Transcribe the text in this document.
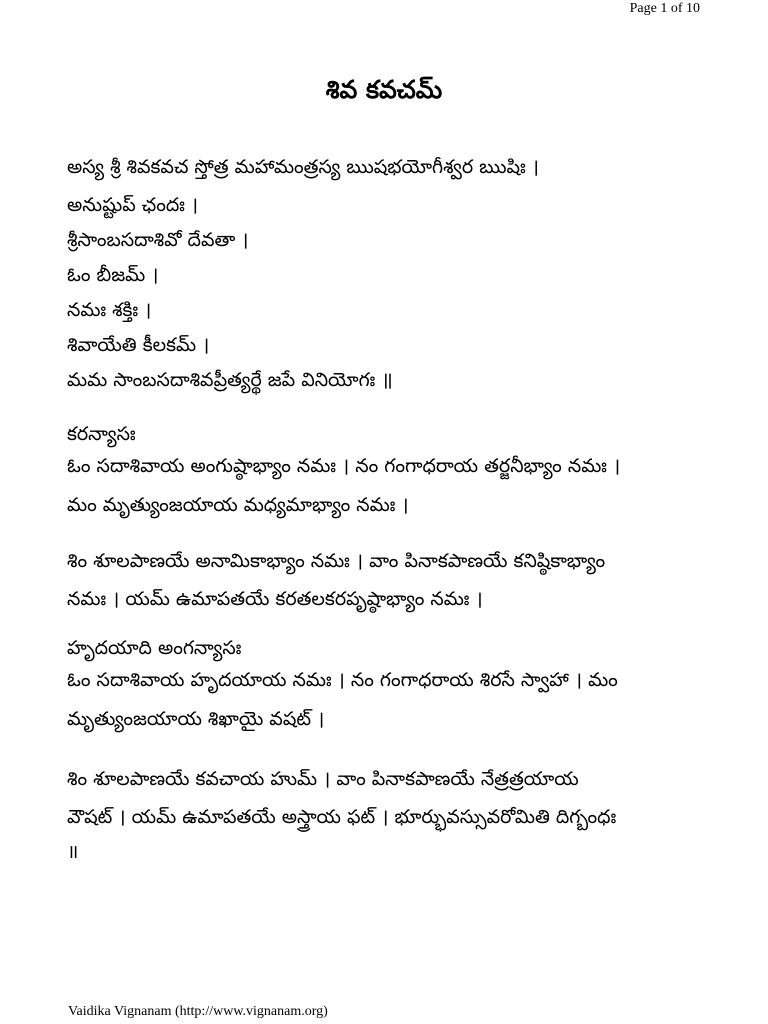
Page 1 of 10
శివ కవచమ్
అస్య శ్రీ శివకవచ స్తోత్ర మహామంత్రస్య ఋషభయోగీశ్వర ఋషిః ।
అనుష్టుప్ ఛందః ।
శ్రీసాంబసదాశివో దేవతా ।
ఓం బీజమ్ ।
నమః శక్తిః ।
శివాయేతి కీలకమ్ ।
మమ సాంబసదాశివప్రీత్యర్థే జపే వినియోగః ॥
కరన్యాసః
ఓం సదాశివాయ అంగుష్ఠాభ్యాం నమః । నం గంగాధరాయ తర్జనీభ్యాం నమః ।
మం మృత్యుంజయాయ మధ్యమాభ్యాం నమః ।
శిం శూలపాణయే అనామికాభ్యాం నమః । వాం పినాకపాణయే కనిష్ఠికాభ్యాం
నమః । యమ్ ఉమాపతయే కరతలకరపృష్ఠాభ్యాం నమః ।
హృదయాది అంగన్యాసః
ఓం సదాశివాయ హృదయాయ నమః । నం గంగాధరాయ శిరసే స్వాహా । మం
మృత్యుంజయాయ శిఖాయై వషట్ ।
శిం శూలపాణయే కవచాయ హుమ్ । వాం పినాకపాణయే నేత్రత్రయాయ
వౌషట్ । యమ్ ఉమాపతయే అస్త్రాయ ఫట్ । భూర్భువస్సువరోమితి దిగ్బంధః
॥
Vaidika Vignanam (http://www.vignanam.org)
